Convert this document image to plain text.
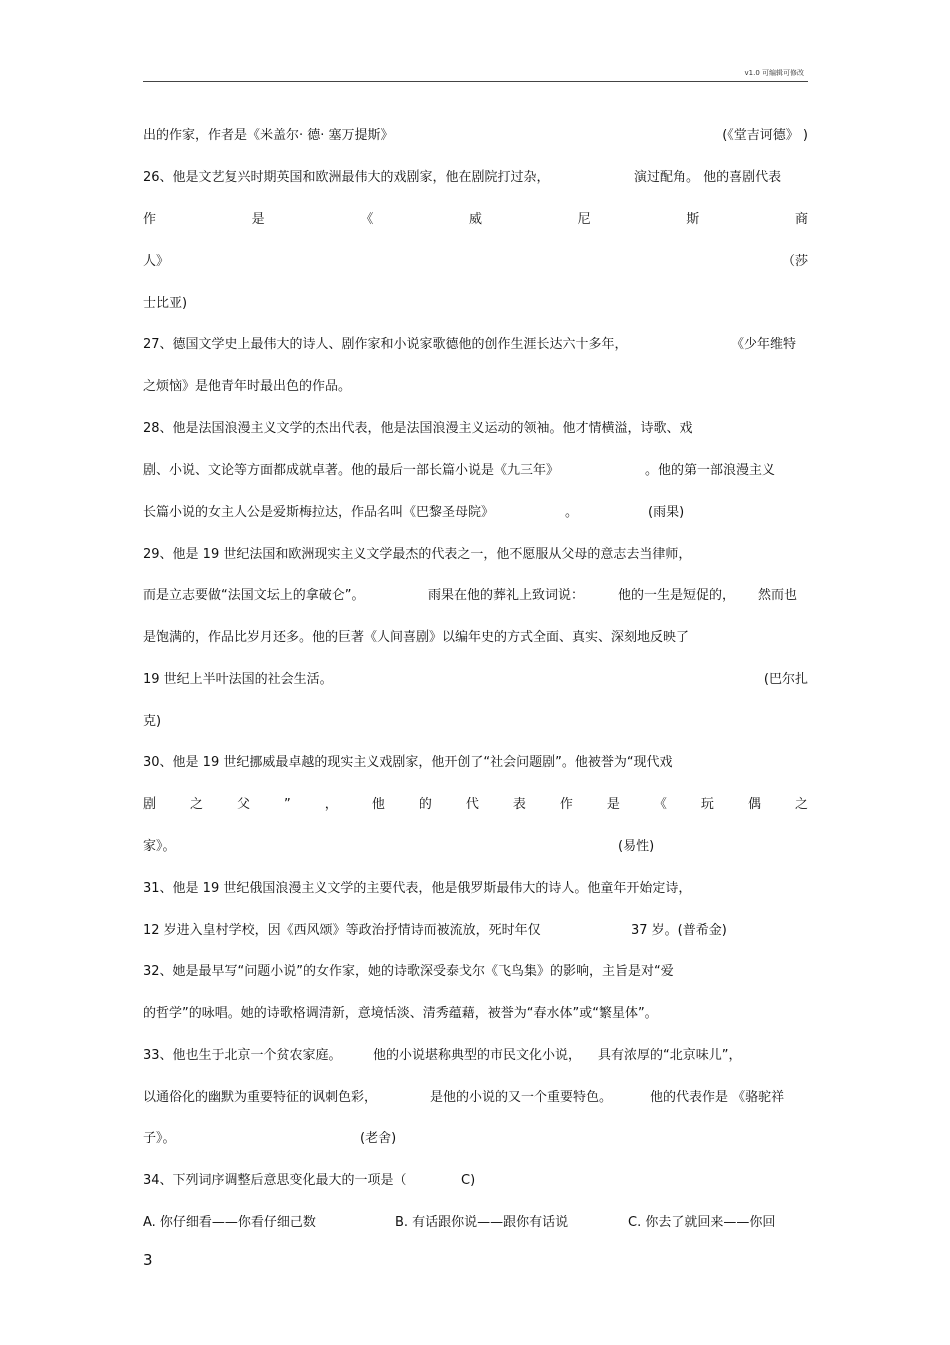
v1.0 可编辑可修改
出的作家，作者是《米盖尔· 德· 塞万提斯》	(《堂吉诃德》 )
26、他是文艺复兴时期英国和欧洲最伟大的戏剧家，他在剧院打过杂，	演过配角。 他的喜剧代表
作	是	《	威	尼	斯	商
人》	（莎
士比亚)
27、德国文学史上最伟大的诗人、剧作家和小说家歌德他的创作生涯长达六十多年，	《少年维特
之烦恼》是他青年时最出色的作品。
28、他是法国浪漫主义文学的杰出代表，他是法国浪漫主义运动的领袖。他才情横溢，诗歌、戏
剧、小说、文论等方面都成就卓著。他的最后一部长篇小说是《九三年》	。他的第一部浪漫主义
长篇小说的女主人公是爱斯梅拉达，作品名叫《巴黎圣母院》	。	(雨果)
29、他是 19 世纪法国和欧洲现实主义文学最杰的代表之一，他不愿服从父母的意志去当律师，
而是立志要做“法国文坛上的拿破仑”。	雨果在他的葬礼上致词说：	他的一生是短促的， 然而也
是饱满的，作品比岁月还多。他的巨著《人间喜剧》以编年史的方式全面、真实、深刻地反映了
19 世纪上半叶法国的社会生活。	(巴尔扎
克)
30、他是 19 世纪挪威最卓越的现实主义戏剧家，他开创了“社会问题剧”。他被誉为“现代戏
剧	之	父	”	，	他	的	代	表	作	是	《	玩	偶	之
家》。	(易性)
31、他是 19 世纪俄国浪漫主义文学的主要代表，他是俄罗斯最伟大的诗人。他童年开始定诗，
12 岁进入皇村学校，因《西风颂》等政治抒情诗而被流放，死时年仅	37 岁。(普希金)
32、她是最早写“问题小说”的女作家，她的诗歌深受泰戈尔《飞鸟集》的影响，主旨是对“爱
的哲学”的咏唱。她的诗歌格调清新，意境恬淡、清秀蕴藉，被誉为“春水体”或“繁星体”。
33、他也生于北京一个贫农家庭。 他的小说堪称典型的市民文化小说， 具有浓厚的“北京味儿”，
以通俗化的幽默为重要特征的讽刺色彩，	是他的小说的又一个重要特色。	他的代表作是 《骆驼祥
子》。	(老舍)
34、下列词序调整后意思变化最大的一项是（	C)
A. 你仔细看——你看仔细己数	B. 有话跟你说——跟你有话说	C. 你去了就回来——你回
3
